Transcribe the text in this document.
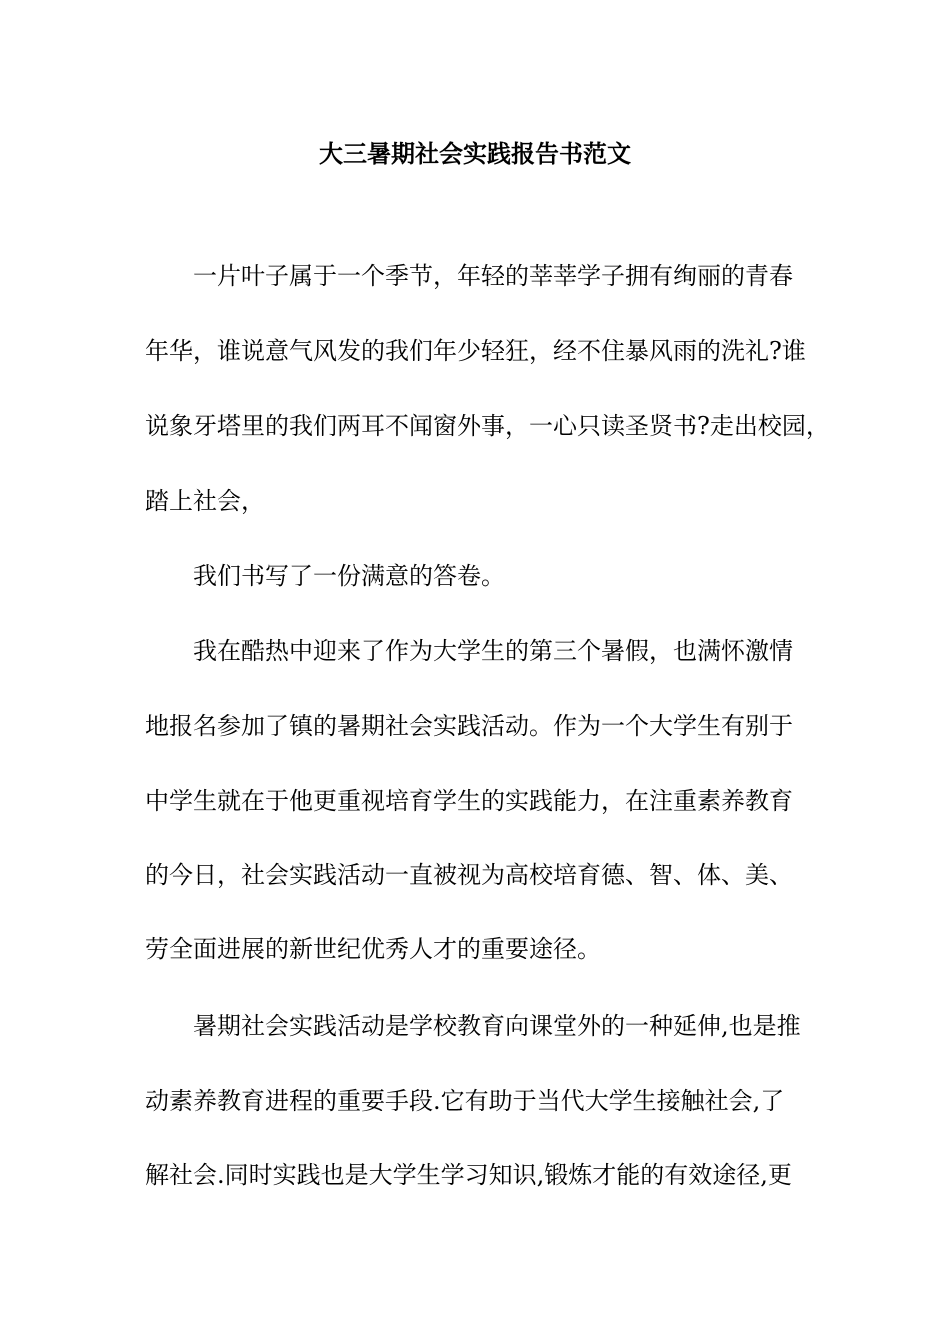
大三暑期社会实践报告书范文
一片叶子属于一个季节，年轻的莘莘学子拥有绚丽的青春
年华，谁说意气风发的我们年少轻狂，经不住暴风雨的洗礼?谁
说象牙塔里的我们两耳不闻窗外事，一心只读圣贤书?走出校园，
踏上社会，
我们书写了一份满意的答卷。
我在酷热中迎来了作为大学生的第三个暑假，也满怀激情
地报名参加了镇的暑期社会实践活动。作为一个大学生有别于
中学生就在于他更重视培育学生的实践能力，在注重素养教育
的今日，社会实践活动一直被视为高校培育德、智、体、美、
劳全面进展的新世纪优秀人才的重要途径。
暑期社会实践活动是学校教育向课堂外的一种延伸,也是推
动素养教育进程的重要手段.它有助于当代大学生接触社会,了
解社会.同时实践也是大学生学习知识,锻炼才能的有效途径,更
